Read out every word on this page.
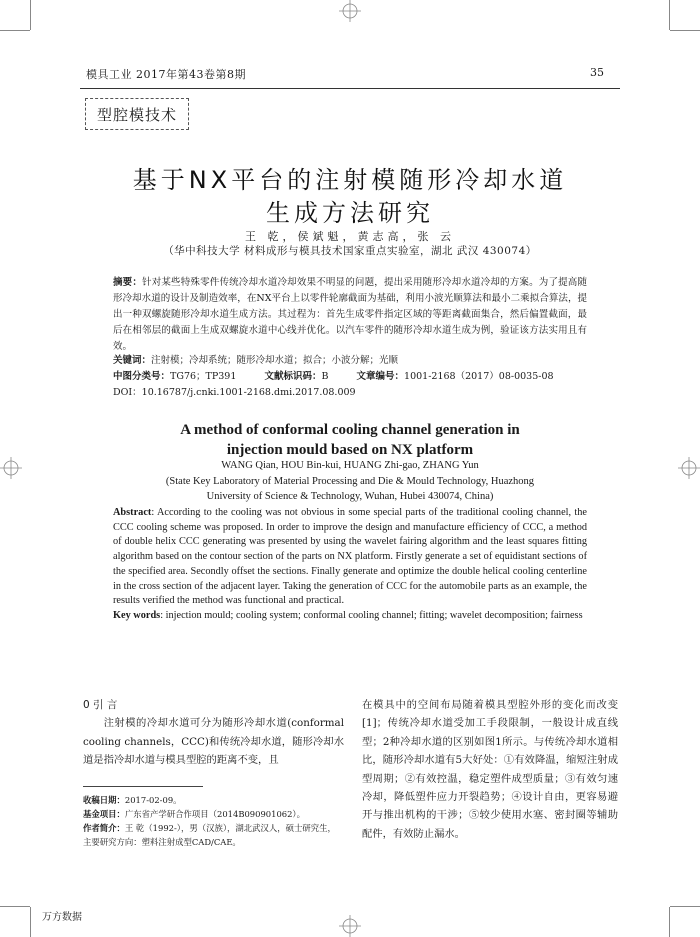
模具工业 2017年第43卷第8期	35
型腔模技术
基于NX平台的注射模随形冷却水道
生成方法研究
王 乾，侯斌魁，黄志高，张 云
（华中科技大学 材料成形与模具技术国家重点实验室，湖北 武汉 430074）
摘要：针对某些特殊零件传统冷却水道冷却效果不明显的问题，提出采用随形冷却水道冷却的方案。为了提高随形冷却水道的设计及制造效率，在NX平台上以零件轮廓截面为基础，利用小波光顺算法和最小二乘拟合算法，提出一种双螺旋随形冷却水道生成方法。其过程为：首先生成零件指定区域的等距离截面集合，然后偏置截面，最后在相邻层的截面上生成双螺旋水道中心线并优化。以汽车零件的随形冷却水道生成为例，验证该方法实用且有效。
关键词：注射模；冷却系统；随形冷却水道；拟合；小波分解；光顺
中图分类号：TG76；TP391	文献标识码：B	文章编号：1001-2168（2017）08-0035-08
DOI：10.16787/j.cnki.1001-2168.dmi.2017.08.009
A method of conformal cooling channel generation in
injection mould based on NX platform
WANG Qian, HOU Bin-kui, HUANG Zhi-gao, ZHANG Yun
(State Key Laboratory of Material Processing and Die & Mould Technology, Huazhong
University of Science & Technology, Wuhan, Hubei 430074, China)
Abstract: According to the cooling was not obvious in some special parts of the traditional cooling channel, the CCC cooling scheme was proposed. In order to improve the design and manufacture efficiency of CCC, a method of double helix CCC generating was presented by using the wavelet fairing algorithm and the least squares fitting algorithm based on the contour section of the parts on NX platform. Firstly generate a set of equidistant sections of the specified area. Secondly offset the sections. Finally generate and optimize the double helical cooling centerline in the cross section of the adjacent layer. Taking the generation of CCC for the automobile parts as an example, the results verified the method was functional and practical.
Key words: injection mould; cooling system; conformal cooling channel; fitting; wavelet decomposition; fairness
0 引 言
注射模的冷却水道可分为随形冷却水道(conformal cooling channels，CCC)和传统冷却水道，随形冷却水道是指冷却水道与模具型腔的距离不变，且
在模具中的空间布局随着模具型腔外形的变化而改变[1]；传统冷却水道受加工手段限制，一般设计成直线型；2种冷却水道的区别如图1所示。与传统冷却水道相比，随形冷却水道有5大好处：①有效降温，缩短注射成型周期；②有效控温，稳定塑件成型质量；③有效匀速冷却，降低塑件应力开裂趋势；④设计自由，更容易避开与推出机构的干涉；⑤较少使用水塞、密封圈等辅助配件，有效防止漏水。
收稿日期：2017-02-09。
基金项目：广东省产学研合作项目（2014B090901062）。
作者简介：王 乾（1992-），男（汉族），湖北武汉人，硕士研究生，主要研究方向：塑料注射成型CAD/CAE。
万方数据
